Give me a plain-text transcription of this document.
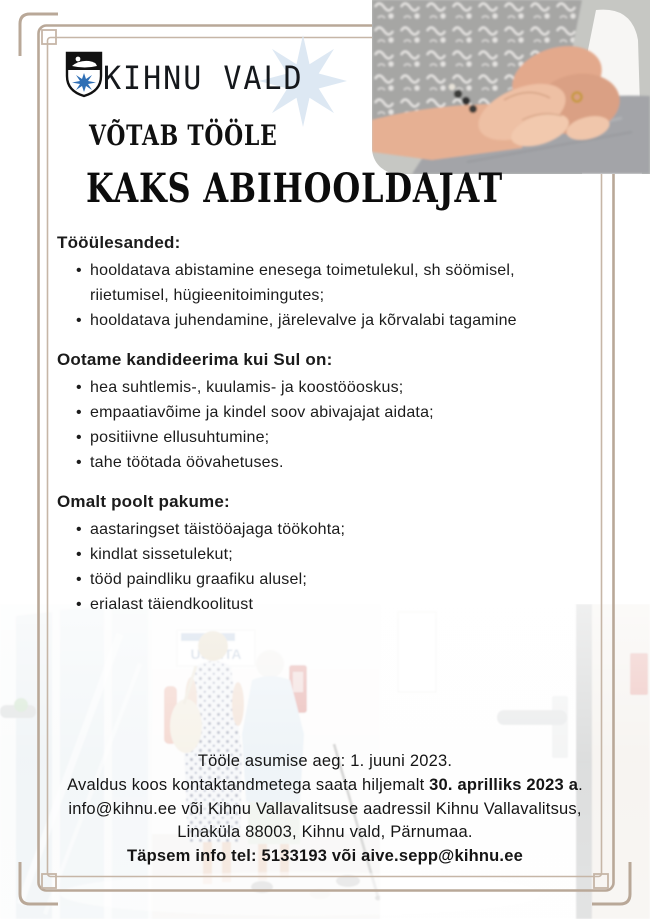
KIHNU VALD
VÕTAB TÖÖLE
KAKS ABIHOOLDAJAT
Tööülesanded:
• hooldatava abistamine enesega toimetulekul, sh söömisel, riietumisel, hügieenitoimingutes;
• hooldatava juhendamine, järelevalve ja kõrvalabi tagamine
Ootame kandideerima kui Sul on:
• hea suhtlemis-, kuulamis- ja koostööoskus;
• empaatiavõime ja kindel soov abivajajat aidata;
• positiivne ellusuhtumine;
• tahe töötada öövahetuses.
Omalt poolt pakume:
• aastaringset täistööajaga töökohta;
• kindlat sissetulekut;
• tööd paindliku graafiku alusel;
• erialast täiendkoolitust
Tööle asumise aeg: 1. juuni 2023.
Avaldus koos kontaktandmetega saata hiljemalt 30. aprilliks 2023 a.
info@kihnu.ee või Kihnu Vallavalitsuse aadressil Kihnu Vallavalitsus,
Linaküla 88003, Kihnu vald, Pärnumaa.
Täpsem info tel: 5133193 või aive.sepp@kihnu.ee
